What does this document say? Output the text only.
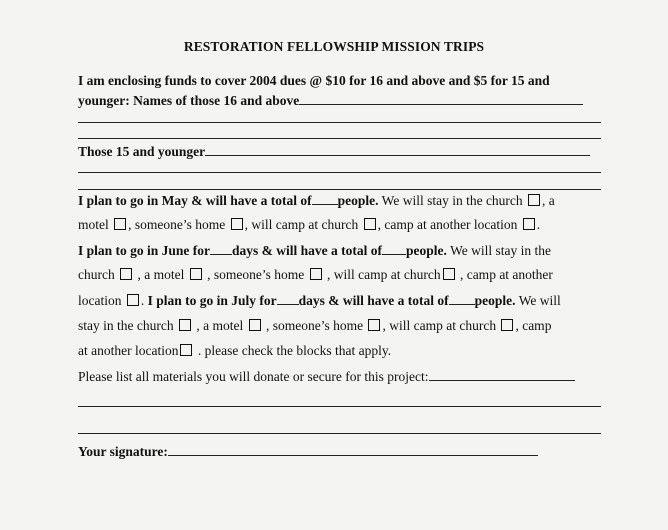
RESTORATION FELLOWSHIP MISSION TRIPS
I am enclosing funds to cover 2004 dues @ $10 for 16 and above and $5 for 15 and
younger: Names of those 16 and above
Those 15 and younger
I plan to go in May & will have a total of people. We will stay in the church , a
motel , someone’s home , will camp at church , camp at another location .
I plan to go in June for days & will have a total of people. We will stay in the
church , a motel , someone’s home , will camp at church , camp at another
location . I plan to go in July for days & will have a total of people. We will
stay in the church , a motel , someone’s home , will camp at church , camp
at another location . please check the blocks that apply.
Please list all materials you will donate or secure for this project:
Your signature:
